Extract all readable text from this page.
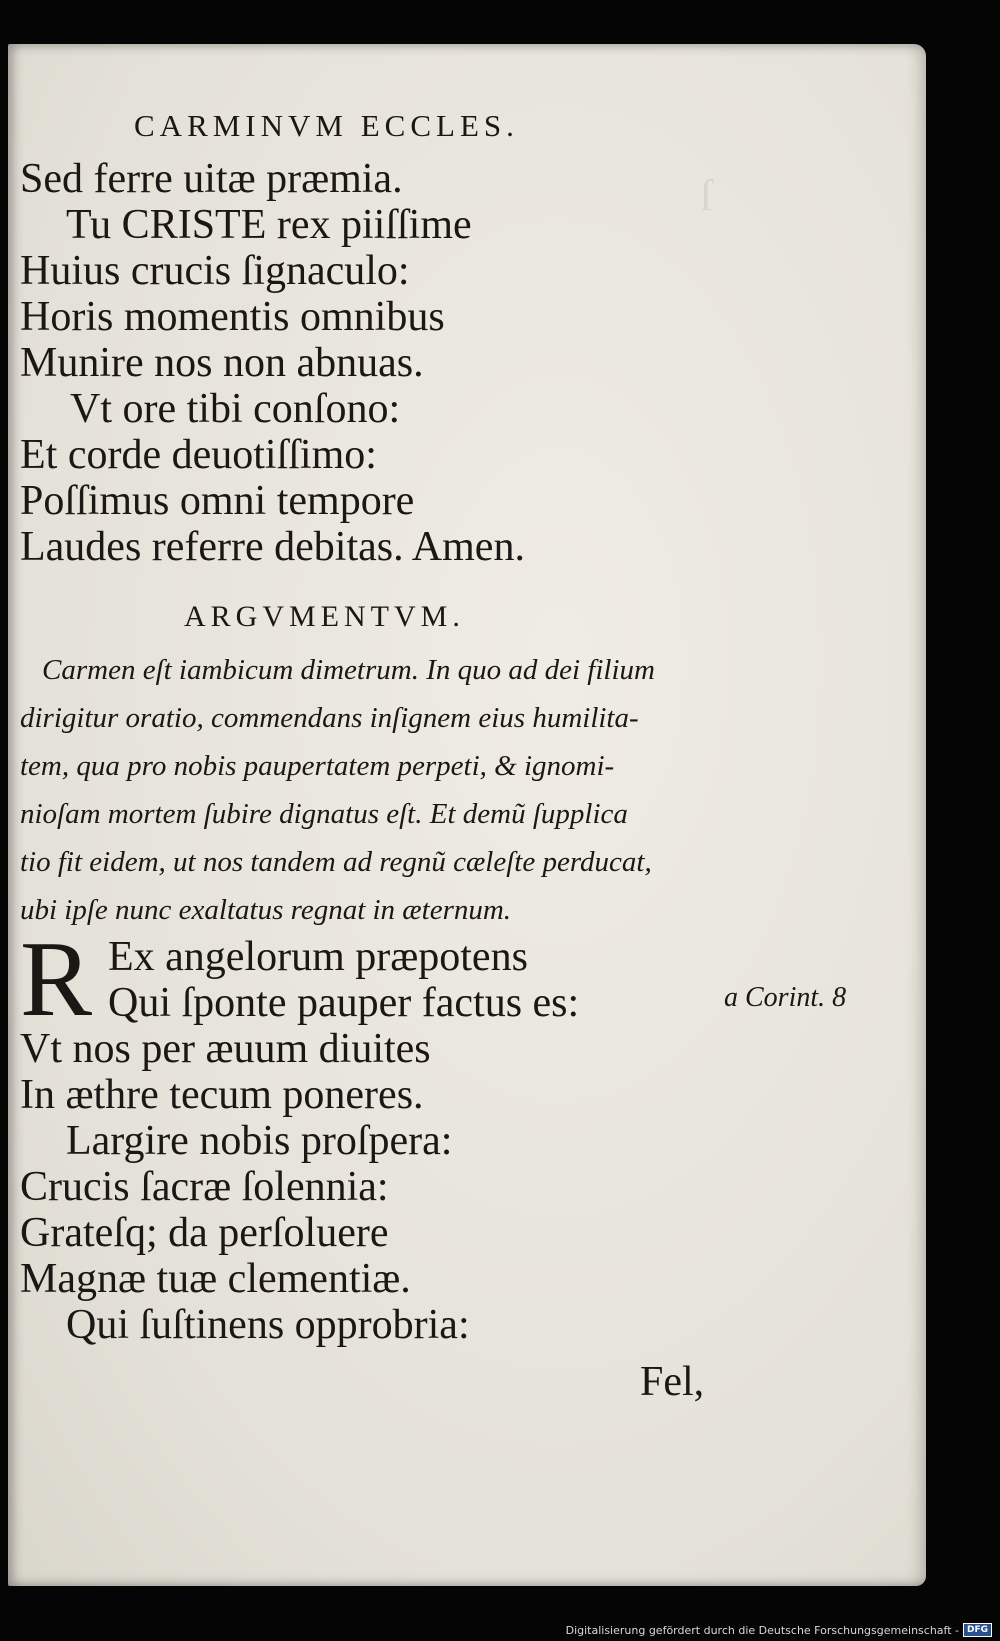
ſ
CARMINVM ECCLES.
Sed ferre uitæ præmia.
Tu CRISTE rex piiſſime
Huius crucis ſignaculo:
Horis momentis omnibus
Munire nos non abnuas.
Vt ore tibi conſono:
Et corde deuotiſſimo:
Poſſimus omni tempore
Laudes referre debitas. Amen.
ARGVMENTVM.
Carmen eſt iambicum dimetrum. In quo ad dei filium
dirigitur oratio, commendans inſignem eius humilita-
tem, qua pro nobis paupertatem perpeti, & ignomi-
nioſam mortem ſubire dignatus eſt. Et demũ ſupplica
tio fit eidem, ut nos tandem ad regnũ cæleſte perducat,
ubi ipſe nunc exaltatus regnat in æternum.
R Ex angelorum præpotens
Qui ſponte pauper factus es:	a Corint. 8
Vt nos per æuum diuites
In æthre tecum poneres.
Largire nobis proſpera:
Crucis ſacræ ſolennia:
Grateſq; da perſoluere
Magnæ tuæ clementiæ.
Qui ſuſtinens opprobria:
Fel,
Digitalisierung gefördert durch die Deutsche Forschungsgemeinschaft - DFG
